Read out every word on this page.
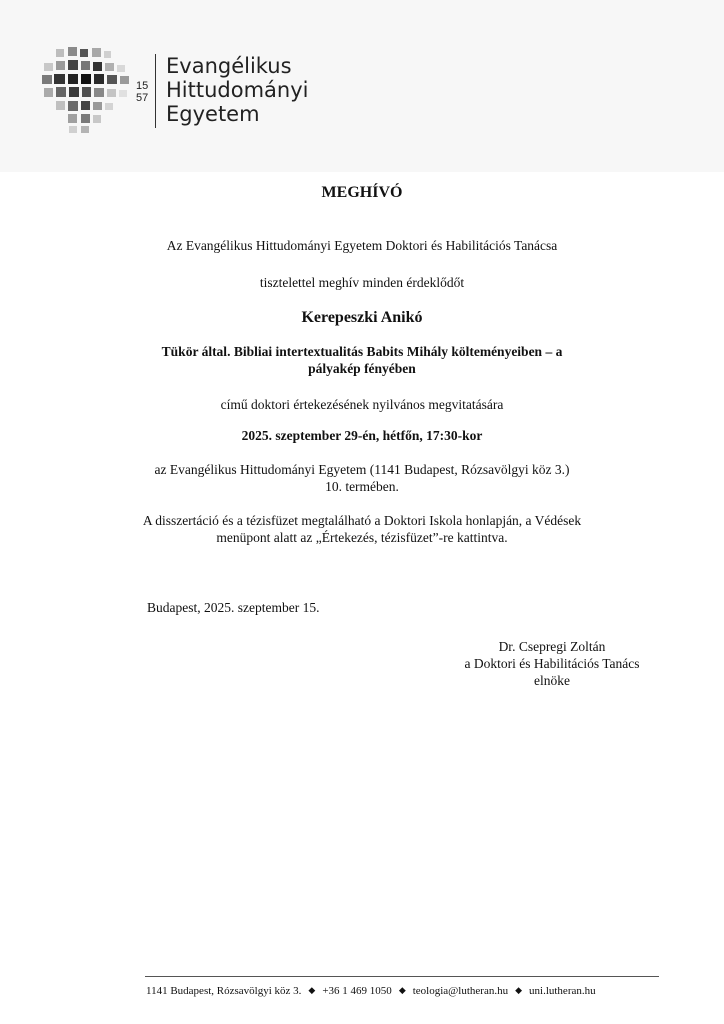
15
57
Evangélikus
Hittudományi
Egyetem
MEGHÍVÓ
Az Evangélikus Hittudományi Egyetem Doktori és Habilitációs Tanácsa
tisztelettel meghív minden érdeklődőt
Kerepeszki Anikó
Tükör által. Bibliai intertextualitás Babits Mihály költeményeiben – a
pályakép fényében
című doktori értekezésének nyilvános megvitatására
2025. szeptember 29-én, hétfőn, 17:30-kor
az Evangélikus Hittudományi Egyetem (1141 Budapest, Rózsavölgyi köz 3.)
10. termében.
A disszertáció és a tézisfüzet megtalálható a Doktori Iskola honlapján, a Védések
menüpont alatt az „Értekezés, tézisfüzet”-re kattintva.
Budapest, 2025. szeptember 15.
Dr. Csepregi Zoltán
a Doktori és Habilitációs Tanács
elnöke
1141 Budapest, Rózsavölgyi köz 3. ◆ +36 1 469 1050 ◆ teologia@lutheran.hu ◆ uni.lutheran.hu
